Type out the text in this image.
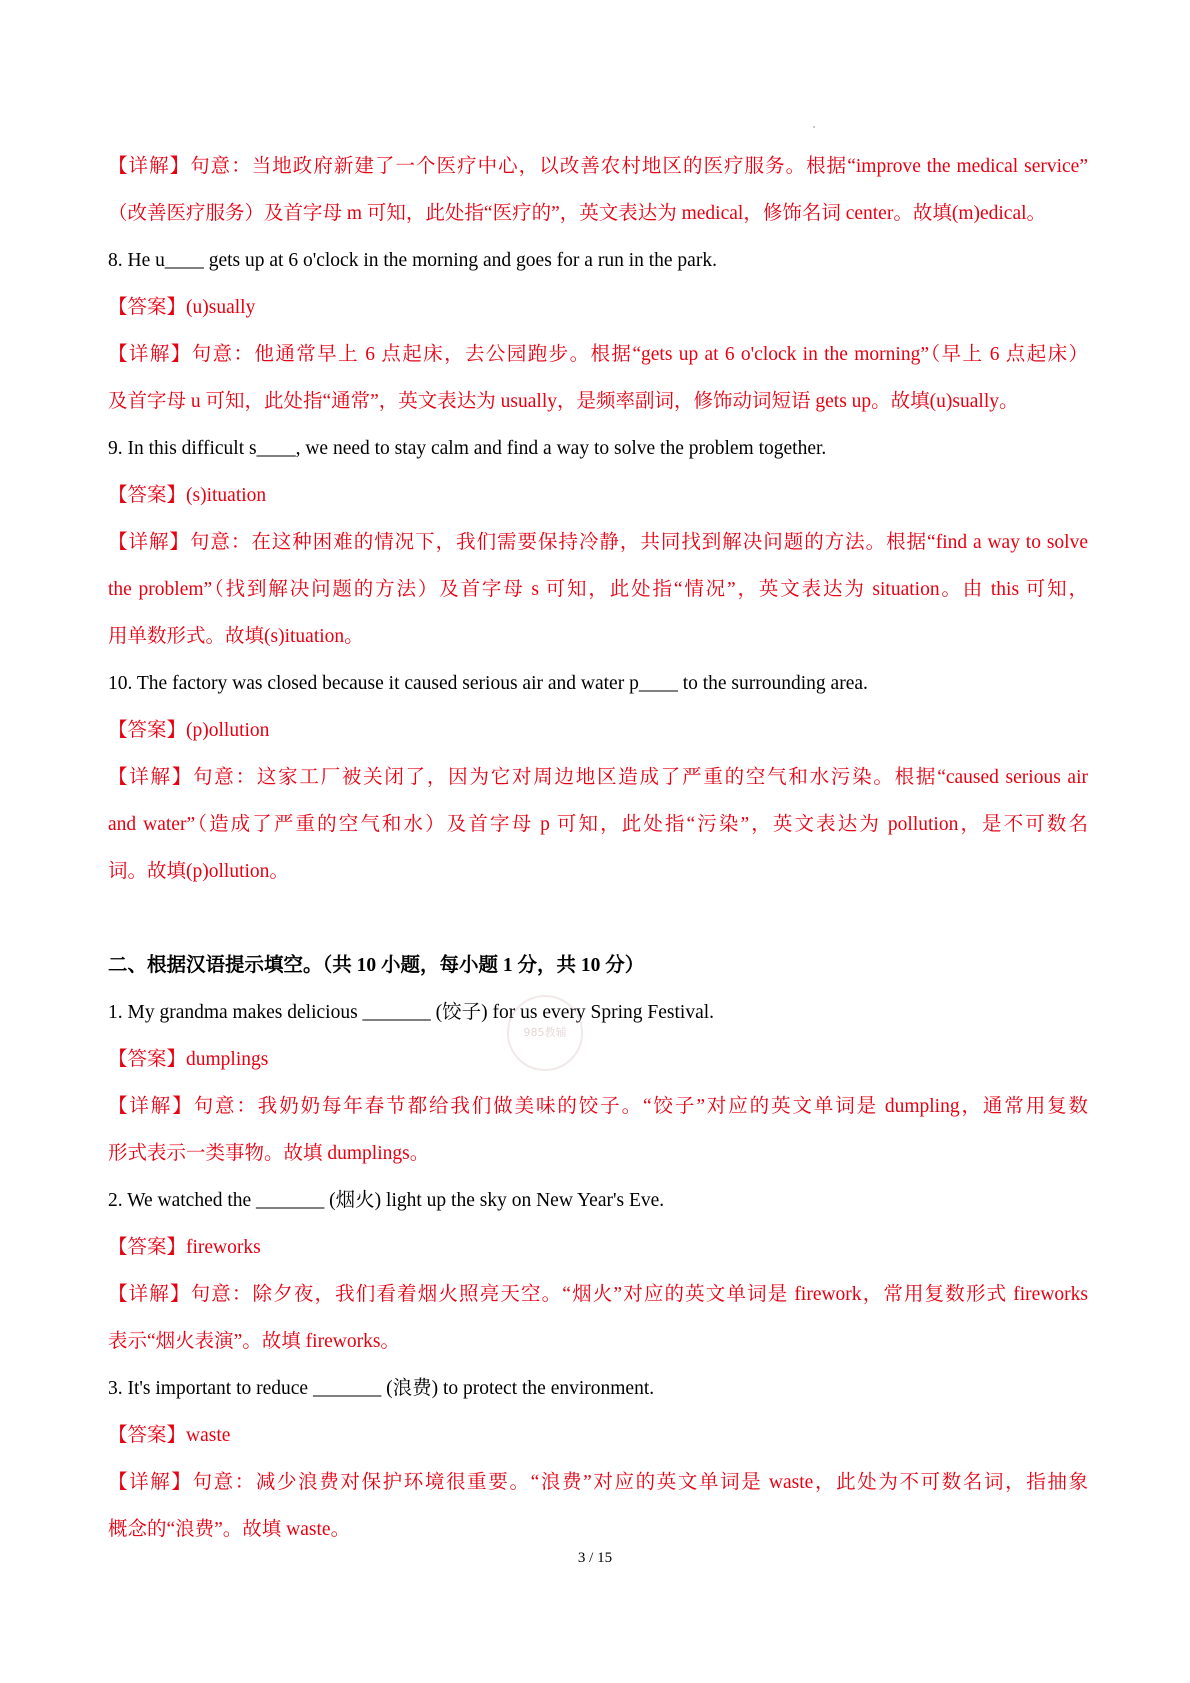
【详解】句意：当地政府新建了一个医疗中心，以改善农村地区的医疗服务。根据“improve the medical service”
（改善医疗服务）及首字母 m 可知，此处指“医疗的”，英文表达为 medical，修饰名词 center。故填(m)edical。
8. He u____ gets up at 6 o'clock in the morning and goes for a run in the park.
【答案】(u)sually
【详解】句意：他通常早上 6 点起床，去公园跑步。根据“gets up at 6 o'clock in the morning”（早上 6 点起床）
及首字母 u 可知，此处指“通常”，英文表达为 usually，是频率副词，修饰动词短语 gets up。故填(u)sually。
9. In this difficult s____, we need to stay calm and find a way to solve the problem together.
【答案】(s)ituation
【详解】句意：在这种困难的情况下，我们需要保持冷静，共同找到解决问题的方法。根据“find a way to solve
the problem”（找到解决问题的方法）及首字母 s 可知，此处指“情况”，英文表达为 situation。由 this 可知，
用单数形式。故填(s)ituation。
10. The factory was closed because it caused serious air and water p____ to the surrounding area.
【答案】(p)ollution
【详解】句意：这家工厂被关闭了，因为它对周边地区造成了严重的空气和水污染。根据“caused serious air
and water”（造成了严重的空气和水）及首字母 p 可知，此处指“污染”，英文表达为 pollution，是不可数名
词。故填(p)ollution。
二、根据汉语提示填空。（共 10 小题，每小题 1 分，共 10 分）
1. My grandma makes delicious _______ (饺子) for us every Spring Festival.
【答案】dumplings
【详解】句意：我奶奶每年春节都给我们做美味的饺子。“饺子”对应的英文单词是 dumpling，通常用复数
形式表示一类事物。故填 dumplings。
2. We watched the _______ (烟火) light up the sky on New Year's Eve.
【答案】fireworks
【详解】句意：除夕夜，我们看着烟火照亮天空。“烟火”对应的英文单词是 firework，常用复数形式 fireworks
表示“烟火表演”。故填 fireworks。
3. It's important to reduce _______ (浪费) to protect the environment.
【答案】waste
【详解】句意：减少浪费对保护环境很重要。“浪费”对应的英文单词是 waste，此处为不可数名词，指抽象
概念的“浪费”。故填 waste。
985教辅
3 / 15
